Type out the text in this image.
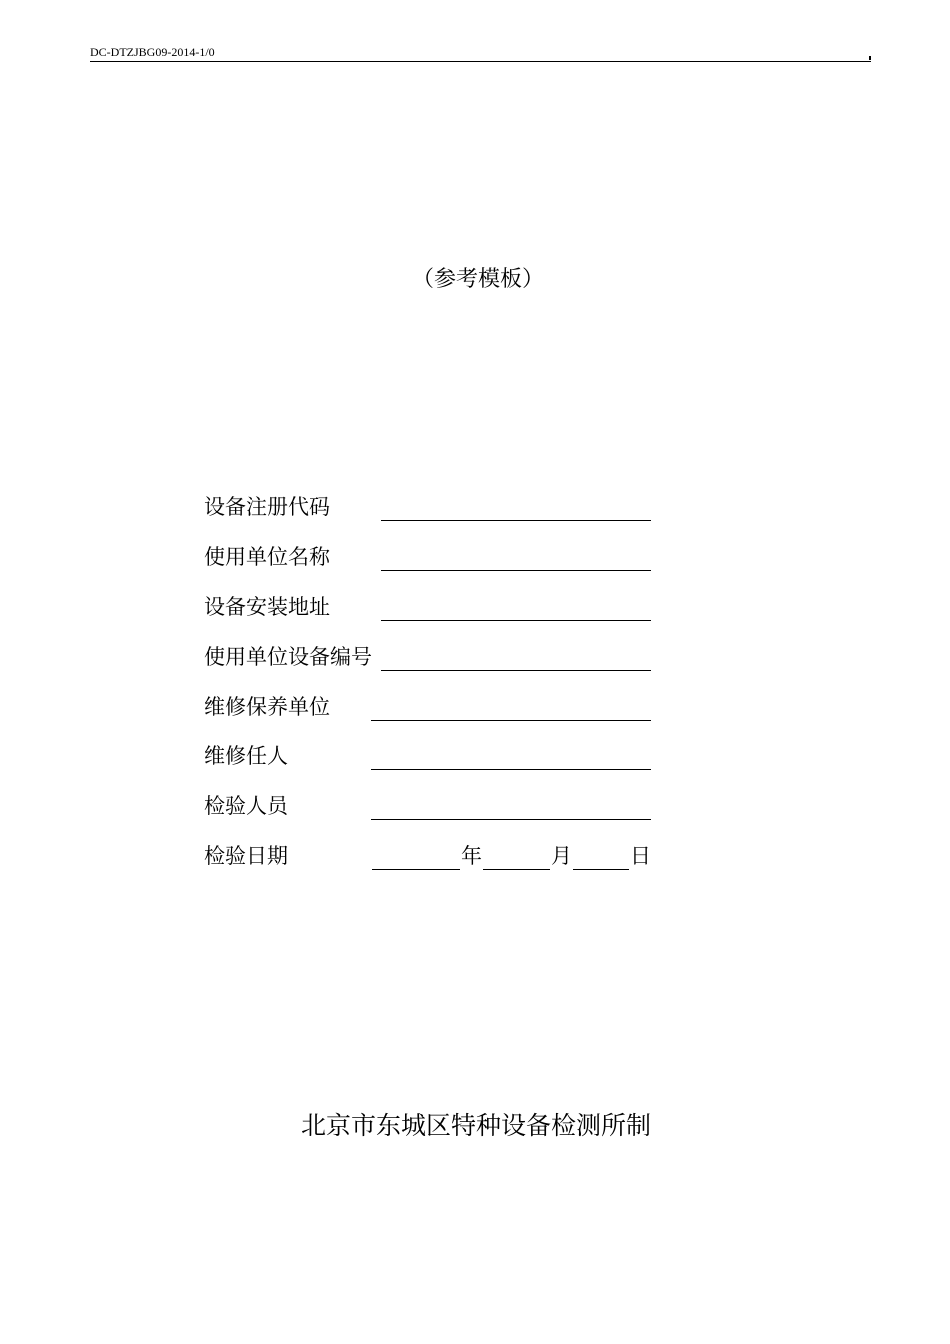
DC-DTZJBG09-2014-1/0
（参考模板）
设备注册代码
使用单位名称
设备安装地址
使用单位设备编号
维修保养单位
维修任人
检验人员
检验日期	年	月	日
北京市东城区特种设备检测所制
